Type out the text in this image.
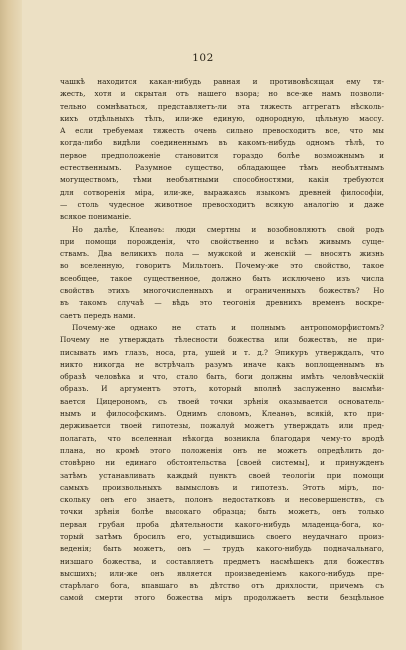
102

чашкѣ находится какая-нибудь равная и противовѣсящая ему тя-
жесть, хотя и скрытая отъ нашего взора; но все-же намъ позволи-
тельно сомнѣваться, представляетъ-ли эта тяжесть аггрегатъ нѣсколь-
кихъ отдѣльныхъ тѣлъ, или-же единую, однородную, цѣльную массу.
А если требуемая тяжесть очень сильно превосходитъ все, что мы
когда-либо видѣли соединеннымъ въ какомъ-нибудь одномъ тѣлѣ, то
первое предположеніе становится гораздо болѣе возможнымъ и
естественнымъ. Разумное существо, обладающее тѣмъ необъятнымъ
могуществомъ, тѣми необъятными способностями, какія требуются
для сотворенія міра, или-же, выражаясь языкомъ древней философіи,
— столь чудесное животное превосходитъ всякую аналогію и даже
всякое пониманіе.

Но далѣе, Клеанѳъ: люди смертны и возобновляютъ свой родъ
при помощи порожденія, что свойственно и всѣмъ живымъ суще-
ствамъ. Два великихъ пола — мужской и женскій — вносятъ жизнь
во вселенную, говоритъ Мильтонъ. Почему-же это свойство, такое
всеобщее, такое существенное, должно быть исключено изъ числа
свойствъ этихъ многочисленныхъ и ограниченныхъ божествъ? Но
въ такомъ случаѣ — вѣдь это теогонія древнихъ временъ воскре-
саетъ передъ нами.

Почему-же однако не стать и полнымъ антропоморфистомъ?
Почему не утверждать тѣлесности божества или божествъ, не при-
писывать имъ глазъ, носа, рта, ушей и т. д.? Эпикуръ утверждалъ, что
никто никогда не встрѣчалъ разумъ иначе какъ воплощеннымъ въ
образѣ человѣка и что, стало быть, боги должны имѣть человѣческій
образъ. И аргументъ этотъ, который вполнѣ заслуженно высмѣи-
вается Цицерономъ, съ твоей точки зрѣнія оказывается основатель-
нымъ и философскимъ. Однимъ словомъ, Клеанѳъ, всякій, кто при-
держивается твоей гипотезы, пожалуй можетъ утверждать или пред-
полагать, что вселенная нѣкогда возникла благодаря чему-то вродѣ
плана, но кромѣ этого положенія онъ не можетъ опредѣлить до-
стовѣрно ни единаго обстоятельства [своей системы], и принужденъ
затѣмъ устанавливать каждый пунктъ своей теологіи при помощи
самыхъ произвольныхъ вымысловъ и гипотезъ. Этотъ міръ, по-
скольку онъ его знаетъ, полонъ недостатковъ и несовершенствъ, съ
точки зрѣнія болѣе высокаго образца; быть можетъ, онъ только
первая грубая проба дѣятельности какого-нибудь младенца-бога, ко-
торый затѣмъ бросилъ его, устыдившись своего неудачнаго произ-
веденія; быть можетъ, онъ — трудъ какого-нибудь подначальнаго,
низшаго божества, и составляетъ предметъ насмѣшекъ для божествъ
высшихъ; или-же онъ является произведеніемъ какого-нибудь пре-
старѣлаго бога, впавшаго въ дѣтство отъ дряхлости, причемъ съ
самой смерти этого божества міръ продолжаетъ вести безцѣльное
